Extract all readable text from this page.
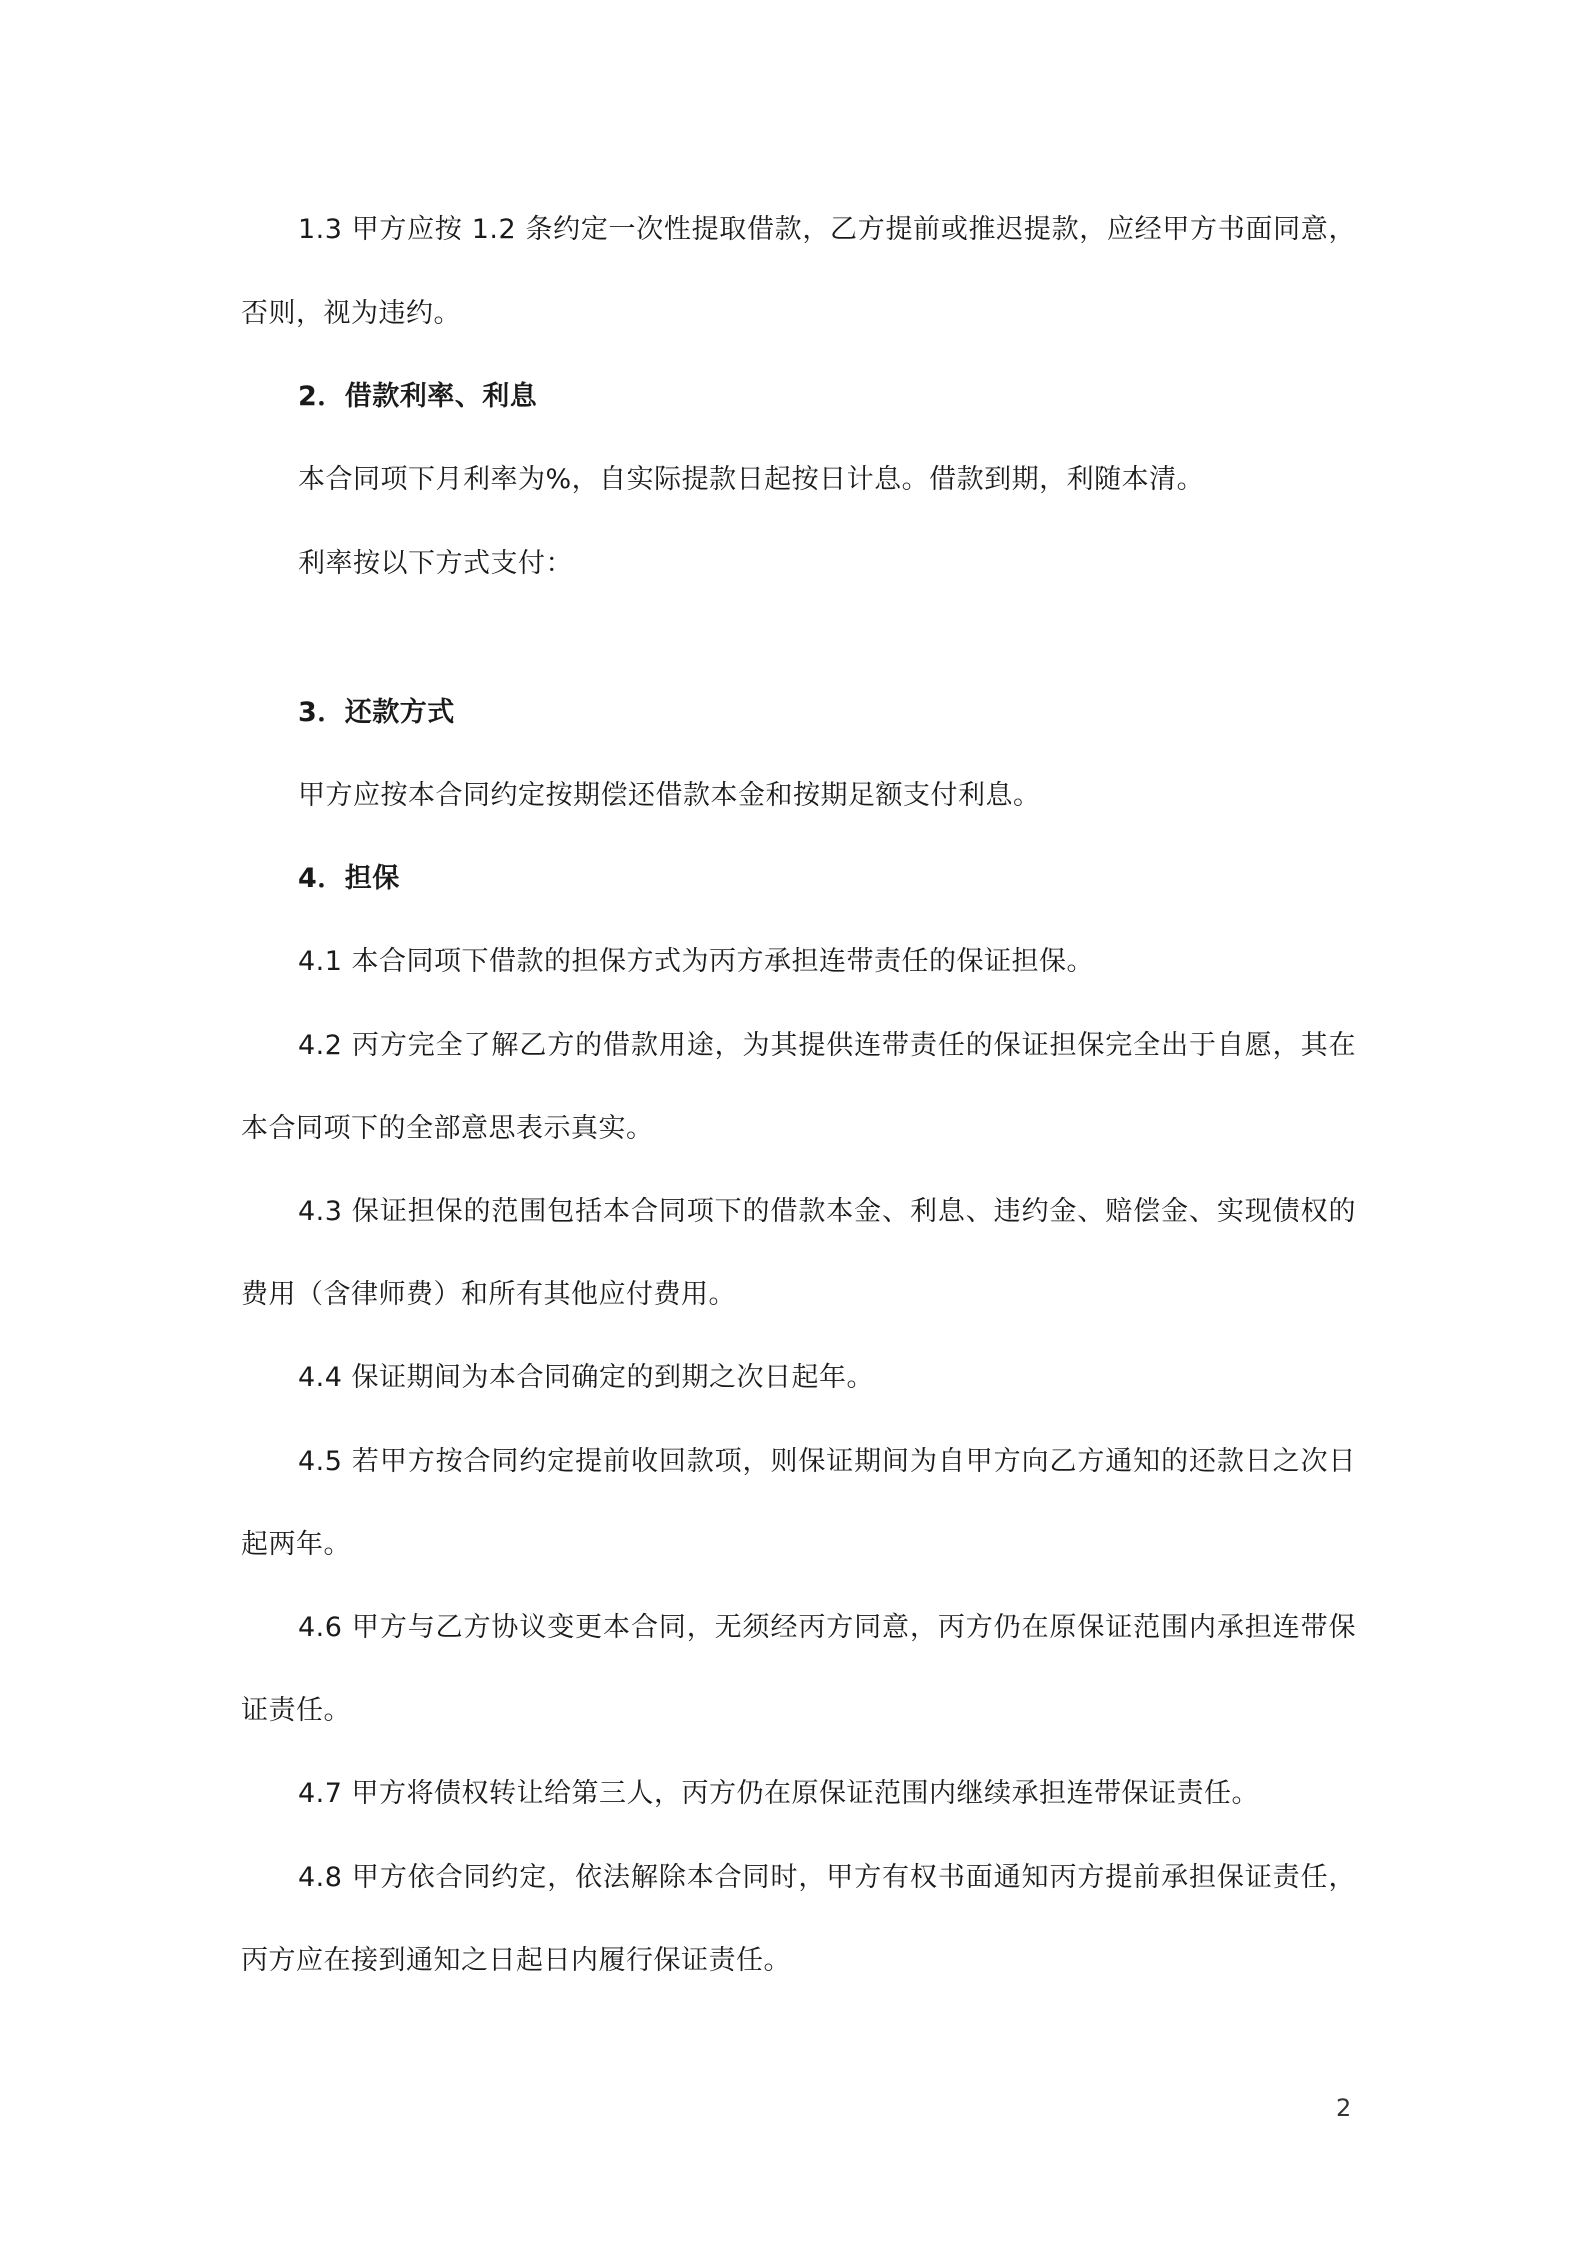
1.3 甲方应按 1.2 条约定一次性提取借款，乙方提前或推迟提款，应经甲方书面同意，
否则，视为违约。
2．借款利率、利息
本合同项下月利率为%，自实际提款日起按日计息。借款到期，利随本清。
利率按以下方式支付：
3．还款方式
甲方应按本合同约定按期偿还借款本金和按期足额支付利息。
4．担保
4.1 本合同项下借款的担保方式为丙方承担连带责任的保证担保。
4.2 丙方完全了解乙方的借款用途，为其提供连带责任的保证担保完全出于自愿，其在
本合同项下的全部意思表示真实。
4.3 保证担保的范围包括本合同项下的借款本金、利息、违约金、赔偿金、实现债权的
费用（含律师费）和所有其他应付费用。
4.4 保证期间为本合同确定的到期之次日起年。
4.5 若甲方按合同约定提前收回款项，则保证期间为自甲方向乙方通知的还款日之次日
起两年。
4.6 甲方与乙方协议变更本合同，无须经丙方同意，丙方仍在原保证范围内承担连带保
证责任。
4.7 甲方将债权转让给第三人，丙方仍在原保证范围内继续承担连带保证责任。
4.8 甲方依合同约定，依法解除本合同时，甲方有权书面通知丙方提前承担保证责任，
丙方应在接到通知之日起日内履行保证责任。
2
